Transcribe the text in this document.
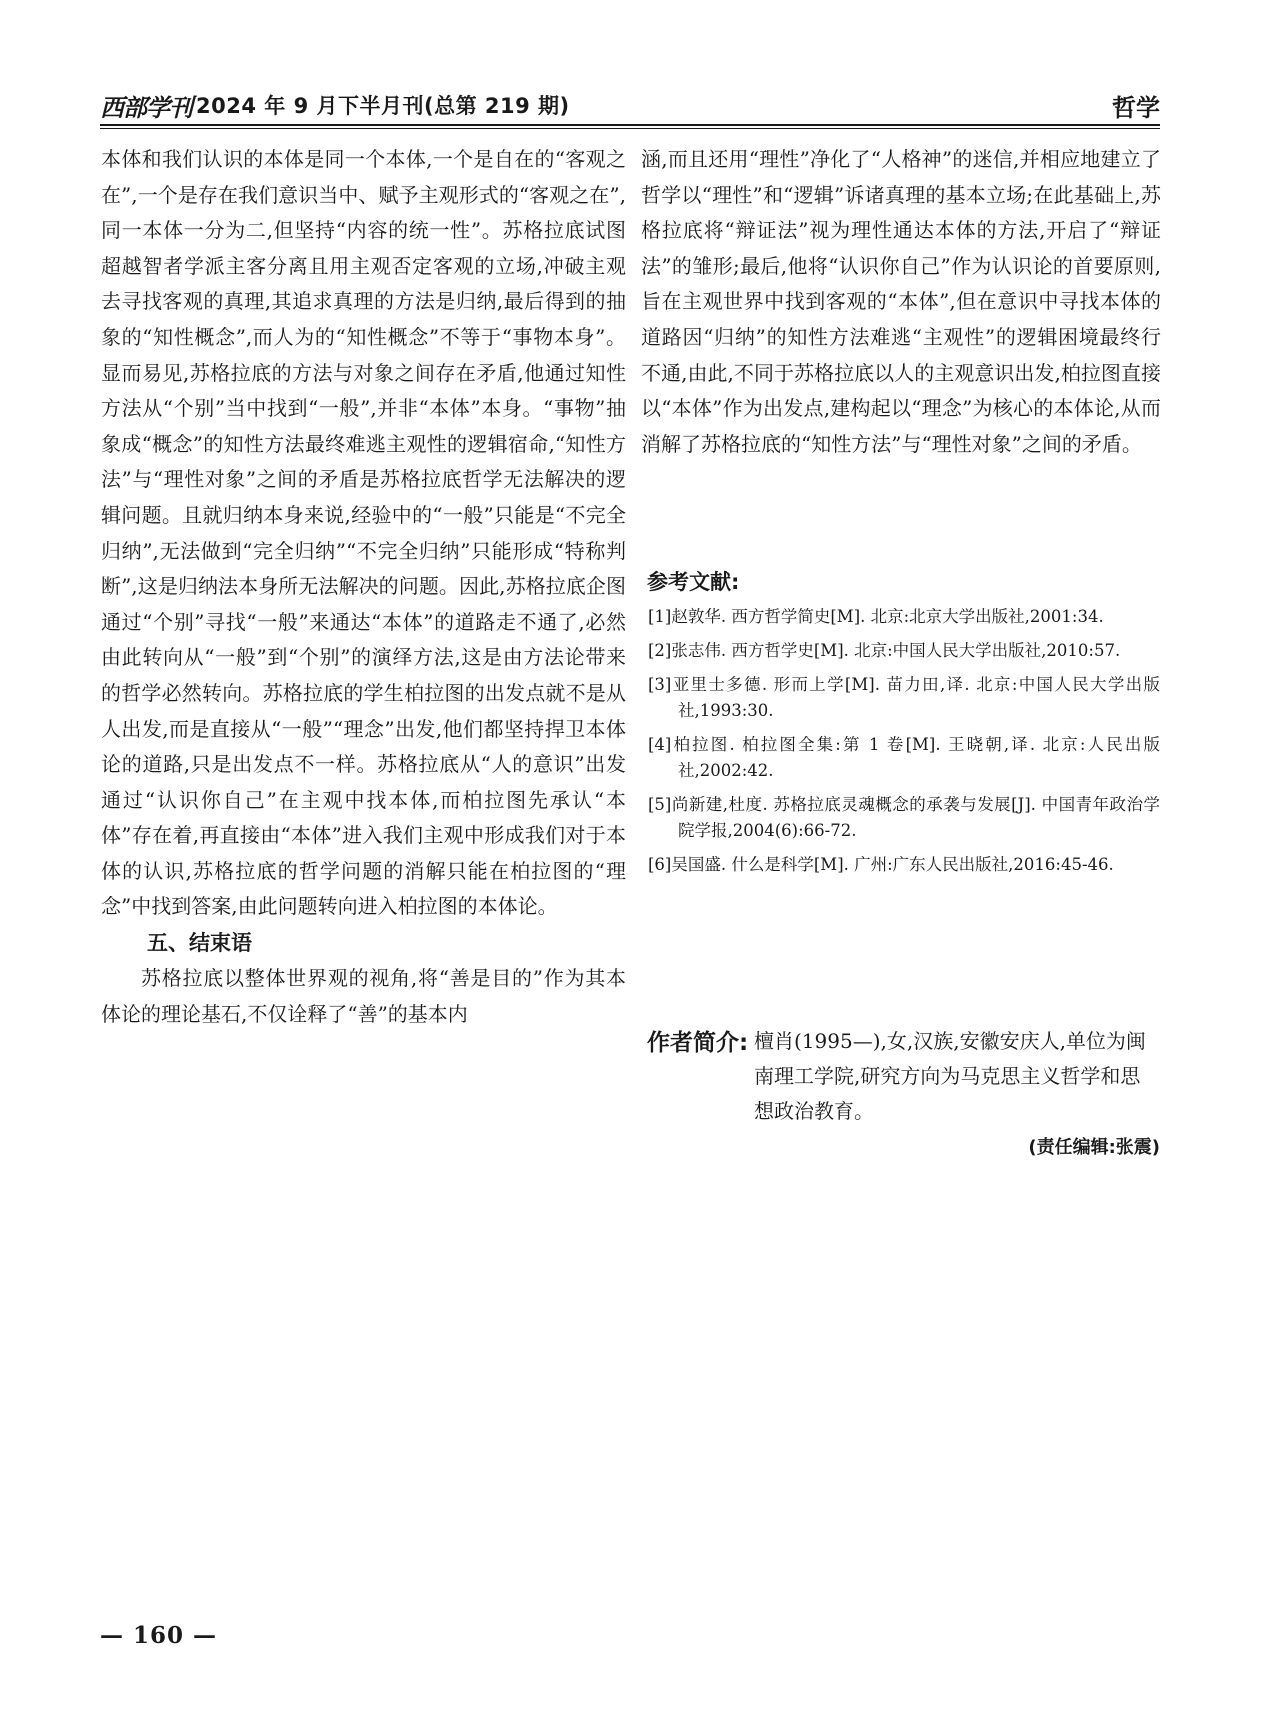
西部学刊 2024 年 9 月下半月刊(总第 219 期)	哲学

本体和我们认识的本体是同一个本体,一个是自在的“客观之在”,一个是存在我们意识当中、赋予主观形式的“客观之在”,同一本体一分为二,但坚持“内容的统一性”。苏格拉底试图超越智者学派主客分离且用主观否定客观的立场,冲破主观去寻找客观的真理,其追求真理的方法是归纳,最后得到的抽象的“知性概念”,而人为的“知性概念”不等于“事物本身”。显而易见,苏格拉底的方法与对象之间存在矛盾,他通过知性方法从“个别”当中找到“一般”,并非“本体”本身。“事物”抽象成“概念”的知性方法最终难逃主观性的逻辑宿命,“知性方法”与“理性对象”之间的矛盾是苏格拉底哲学无法解决的逻辑问题。且就归纳本身来说,经验中的“一般”只能是“不完全归纳”,无法做到“完全归纳”“不完全归纳”只能形成“特称判断”,这是归纳法本身所无法解决的问题。因此,苏格拉底企图通过“个别”寻找“一般”来通达“本体”的道路走不通了,必然由此转向从“一般”到“个别”的演绎方法,这是由方法论带来的哲学必然转向。苏格拉底的学生柏拉图的出发点就不是从人出发,而是直接从“一般”“理念”出发,他们都坚持捍卫本体论的道路,只是出发点不一样。苏格拉底从“人的意识”出发通过“认识你自己”在主观中找本体,而柏拉图先承认“本体”存在着,再直接由“本体”进入我们主观中形成我们对于本体的认识,苏格拉底的哲学问题的消解只能在柏拉图的“理念”中找到答案,由此问题转向进入柏拉图的本体论。

五、结束语

苏格拉底以整体世界观的视角,将“善是目的”作为其本体论的理论基石,不仅诠释了“善”的基本内

涵,而且还用“理性”净化了“人格神”的迷信,并相应地建立了哲学以“理性”和“逻辑”诉诸真理的基本立场;在此基础上,苏格拉底将“辩证法”视为理性通达本体的方法,开启了“辩证法”的雏形;最后,他将“认识你自己”作为认识论的首要原则,旨在主观世界中找到客观的“本体”,但在意识中寻找本体的道路因“归纳”的知性方法难逃“主观性”的逻辑困境最终行不通,由此,不同于苏格拉底以人的主观意识出发,柏拉图直接以“本体”作为出发点,建构起以“理念”为核心的本体论,从而消解了苏格拉底的“知性方法”与“理性对象”之间的矛盾。

参考文献:
[1]赵敦华. 西方哲学简史[M]. 北京:北京大学出版社,2001:34.
[2]张志伟. 西方哲学史[M]. 北京:中国人民大学出版社,2010:57.
[3]亚里士多德. 形而上学[M]. 苗力田,译. 北京:中国人民大学出版社,1993:30.
[4]柏拉图. 柏拉图全集:第 1 卷[M]. 王晓朝,译. 北京:人民出版社,2002:42.
[5]尚新建,杜度. 苏格拉底灵魂概念的承袭与发展[J]. 中国青年政治学院学报,2004(6):66-72.
[6]吴国盛. 什么是科学[M]. 广州:广东人民出版社,2016:45-46.
作者简介: 檀肖(1995—),女,汉族,安徽安庆人,单位为闽南理工学院,研究方向为马克思主义哲学和思想政治教育。
(责任编辑:张震)
— 160 —
